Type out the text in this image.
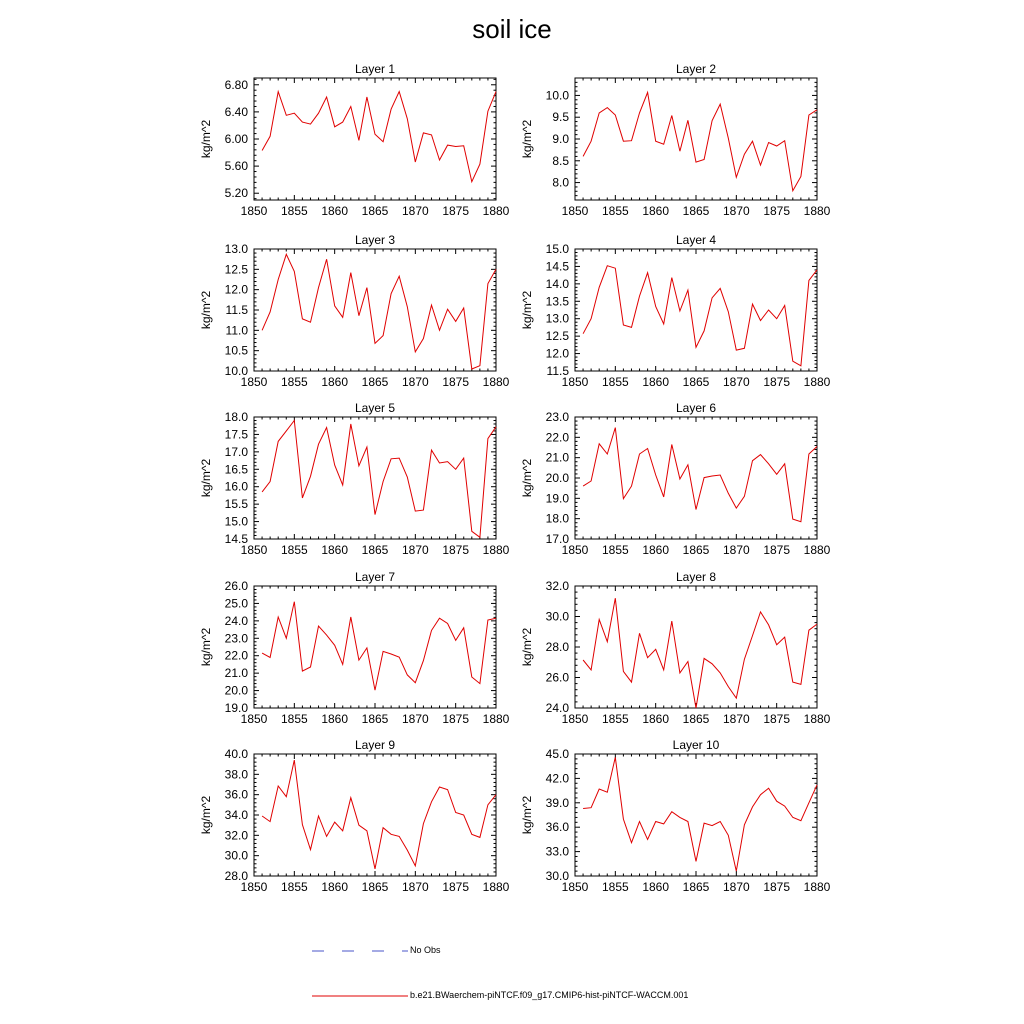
soil ice
Layer 1
kg/m^2
1850 1855 1860 1865 1870 1875 1880
5.20
5.60
6.00
6.40
6.80
Layer 2
kg/m^2
1850 1855 1860 1865 1870 1875 1880
8.0
8.5
9.0
9.5
10.0
Layer 3
kg/m^2
1850 1855 1860 1865 1870 1875 1880
10.0
10.5
11.0
11.5
12.0
12.5
13.0
Layer 4
kg/m^2
1850 1855 1860 1865 1870 1875 1880
11.5
12.0
12.5
13.0
13.5
14.0
14.5
15.0
Layer 5
kg/m^2
1850 1855 1860 1865 1870 1875 1880
14.5
15.0
15.5
16.0
16.5
17.0
17.5
18.0
Layer 6
kg/m^2
1850 1855 1860 1865 1870 1875 1880
17.0
18.0
19.0
20.0
21.0
22.0
23.0
Layer 7
kg/m^2
1850 1855 1860 1865 1870 1875 1880
19.0
20.0
21.0
22.0
23.0
24.0
25.0
26.0
Layer 8
kg/m^2
1850 1855 1860 1865 1870 1875 1880
24.0
26.0
28.0
30.0
32.0
Layer 9
kg/m^2
1850 1855 1860 1865 1870 1875 1880
28.0
30.0
32.0
34.0
36.0
38.0
40.0
Layer 10
kg/m^2
1850 1855 1860 1865 1870 1875 1880
30.0
33.0
36.0
39.0
42.0
45.0
No Obs
b.e21.BWaerchem-piNTCF.f09_g17.CMIP6-hist-piNTCF-WACCM.001
